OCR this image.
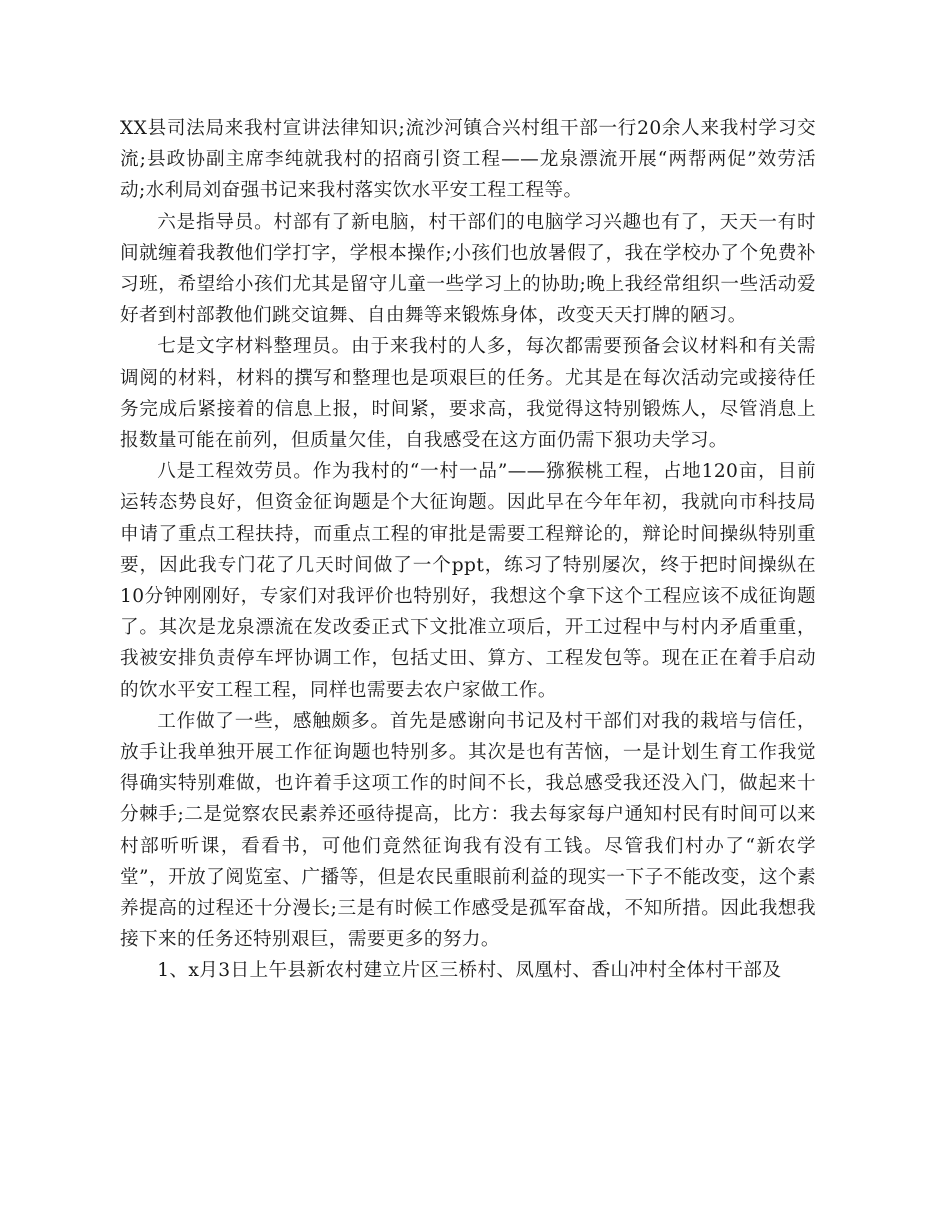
XX县司法局来我村宣讲法律知识;流沙河镇合兴村组干部一行20余人来我村学习交流;县政协副主席李纯就我村的招商引资工程——龙泉漂流开展“两帮两促”效劳活动;水利局刘奋强书记来我村落实饮水平安工程工程等。

六是指导员。村部有了新电脑，村干部们的电脑学习兴趣也有了，天天一有时间就缠着我教他们学打字，学根本操作;小孩们也放暑假了，我在学校办了个免费补习班，希望给小孩们尤其是留守儿童一些学习上的协助;晚上我经常组织一些活动爱好者到村部教他们跳交谊舞、自由舞等来锻炼身体，改变天天打牌的陋习。

七是文字材料整理员。由于来我村的人多，每次都需要预备会议材料和有关需调阅的材料，材料的撰写和整理也是项艰巨的任务。尤其是在每次活动完或接待任务完成后紧接着的信息上报，时间紧，要求高，我觉得这特别锻炼人，尽管消息上报数量可能在前列，但质量欠佳，自我感受在这方面仍需下狠功夫学习。

八是工程效劳员。作为我村的“一村一品”——猕猴桃工程，占地120亩，目前运转态势良好，但资金征询题是个大征询题。因此早在今年年初，我就向市科技局申请了重点工程扶持，而重点工程的审批是需要工程辩论的，辩论时间操纵特别重要，因此我专门花了几天时间做了一个ppt，练习了特别屡次，终于把时间操纵在10分钟刚刚好，专家们对我评价也特别好，我想这个拿下这个工程应该不成征询题了。其次是龙泉漂流在发改委正式下文批准立项后，开工过程中与村内矛盾重重，我被安排负责停车坪协调工作，包括丈田、算方、工程发包等。现在正在着手启动的饮水平安工程工程，同样也需要去农户家做工作。

工作做了一些，感触颇多。首先是感谢向书记及村干部们对我的栽培与信任，放手让我单独开展工作征询题也特别多。其次是也有苦恼，一是计划生育工作我觉得确实特别难做，也许着手这项工作的时间不长，我总感受我还没入门，做起来十分棘手;二是觉察农民素养还亟待提高，比方：我去每家每户通知村民有时间可以来村部听听课，看看书，可他们竟然征询我有没有工钱。尽管我们村办了“新农学堂”，开放了阅览室、广播等，但是农民重眼前利益的现实一下子不能改变，这个素养提高的过程还十分漫长;三是有时候工作感受是孤军奋战，不知所措。因此我想我接下来的任务还特别艰巨，需要更多的努力。

1、x月3日上午县新农村建立片区三桥村、凤凰村、香山冲村全体村干部及
